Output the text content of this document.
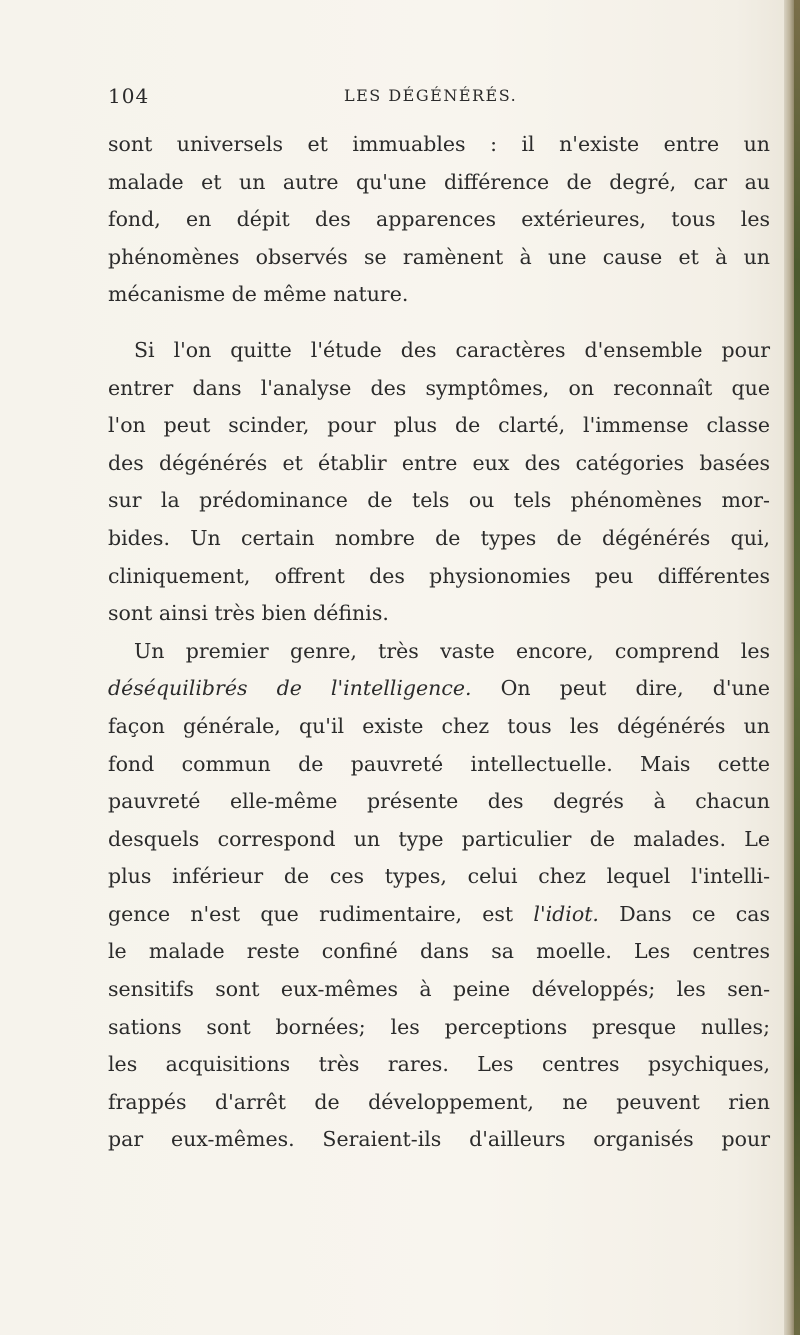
104	LES DÉGÉNÉRÉS.
sont universels et immuables : il n'existe entre un
malade et un autre qu'une différence de degré, car au
fond, en dépit des apparences extérieures, tous les
phénomènes observés se ramènent à une cause et à un
mécanisme de même nature.
Si l'on quitte l'étude des caractères d'ensemble pour
entrer dans l'analyse des symptômes, on reconnaît que
l'on peut scinder, pour plus de clarté, l'immense classe
des dégénérés et établir entre eux des catégories basées
sur la prédominance de tels ou tels phénomènes mor-
bides. Un certain nombre de types de dégénérés qui,
cliniquement, offrent des physionomies peu différentes
sont ainsi très bien définis.
Un premier genre, très vaste encore, comprend les
déséquilibrés de l'intelligence. On peut dire, d'une
façon générale, qu'il existe chez tous les dégénérés un
fond commun de pauvreté intellectuelle. Mais cette
pauvreté elle-même présente des degrés à chacun
desquels correspond un type particulier de malades. Le
plus inférieur de ces types, celui chez lequel l'intelli-
gence n'est que rudimentaire, est l'idiot. Dans ce cas
le malade reste confiné dans sa moelle. Les centres
sensitifs sont eux-mêmes à peine développés; les sen-
sations sont bornées; les perceptions presque nulles;
les acquisitions très rares. Les centres psychiques,
frappés d'arrêt de développement, ne peuvent rien
par eux-mêmes. Seraient-ils d'ailleurs organisés pour
